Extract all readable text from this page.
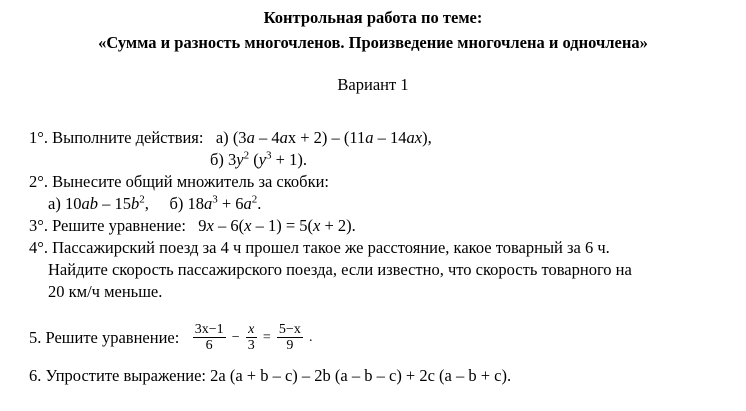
Контрольная работа по теме:
«Сумма и разность многочленов. Произведение многочлена и одночлена»
Вариант 1
1°. Выполните действия: а) (3a – 4ax + 2) – (11a – 14ax),
б) $3y^2$ $(y^3 + 1)$.
2°. Вынесите общий множитель за скобки:
а) $10ab - 15b^2$, б) $18a^3 + 6a^2$.
3°. Решите уравнение: 9x – 6(x – 1) = 5(x + 2).
4°. Пассажирский поезд за 4 ч прошел такое же расстояние, какое товарный за 6 ч.
Найдите скорость пассажирского поезда, если известно, что скорость товарного на
20 км/ч меньше.
5. Решите уравнение: $\frac{3x-1}{6} - \frac{x}{3} = \frac{5-x}{9}$ .
6. Упростите выражение: 2a (a + b – c) – 2b (a – b – c) + 2c (a – b + c).
